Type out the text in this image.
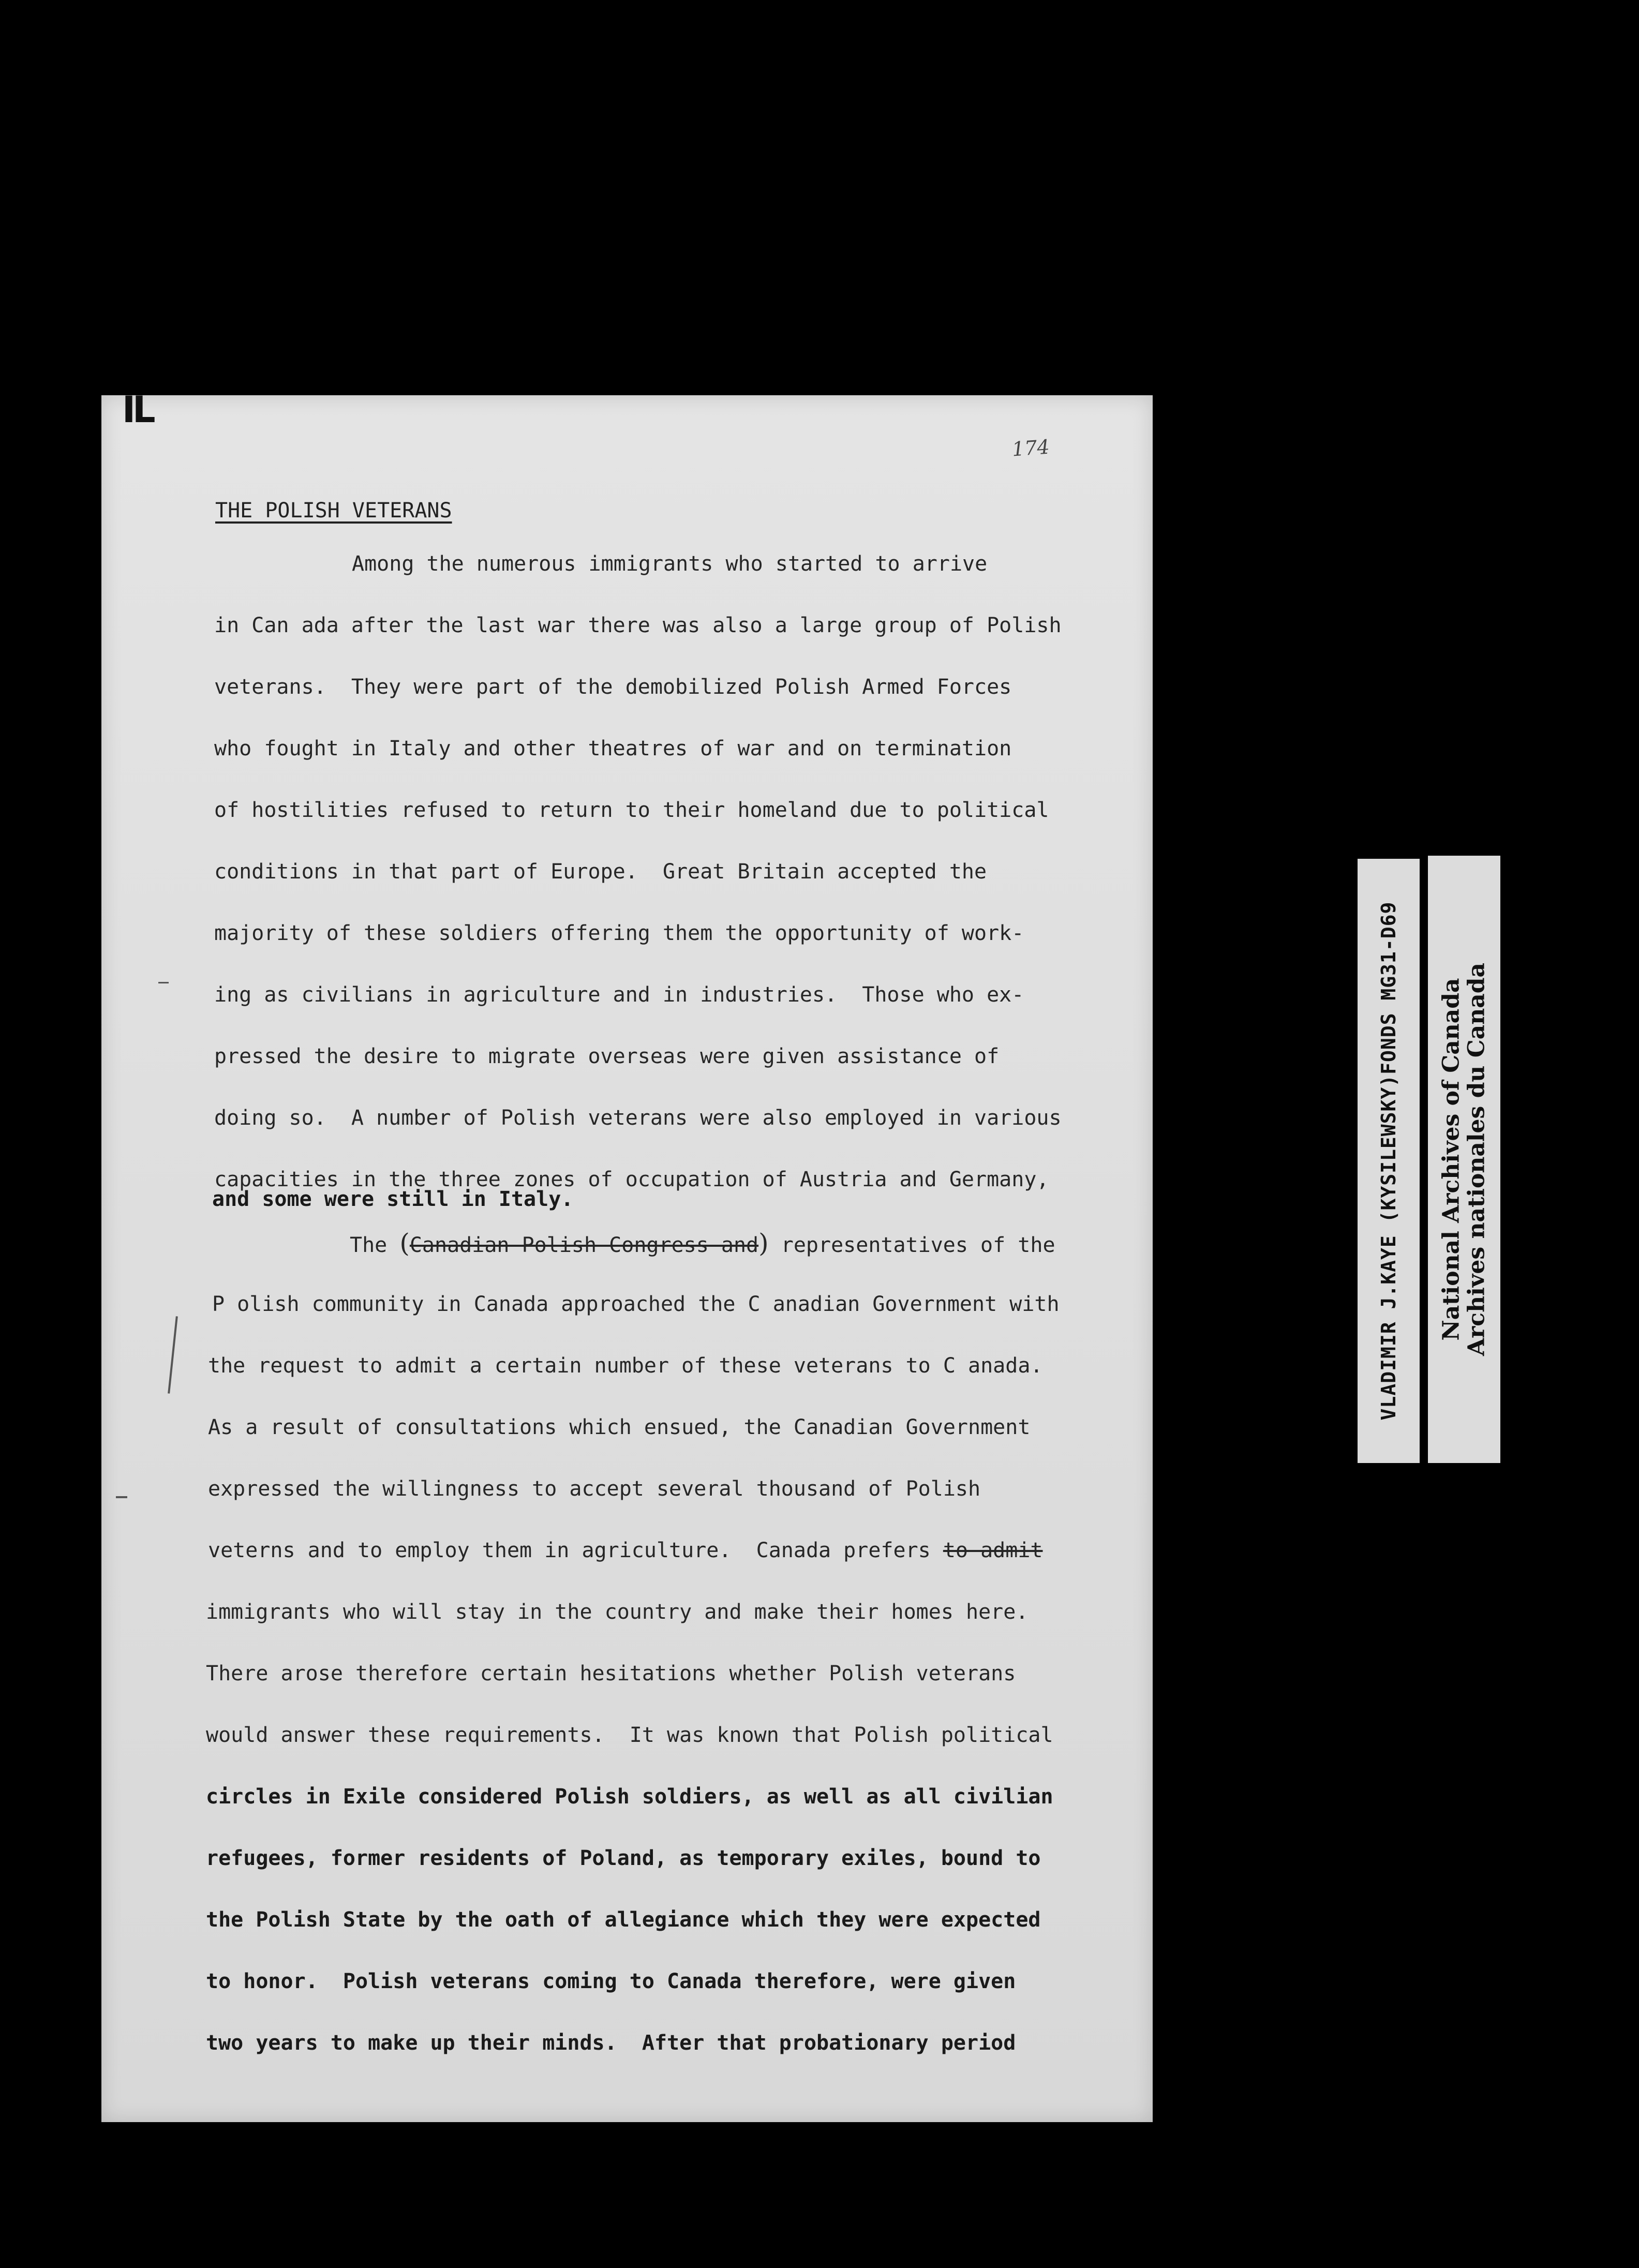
IL
174
THE POLISH VETERANS
Among the numerous immigrants who started to arrive
in Can ada after the last war there was also a large group of Polish
veterans.  They were part of the demobilized Polish Armed Forces
who fought in Italy and other theatres of war and on termination
of hostilities refused to return to their homeland due to political
conditions in that part of Europe.  Great Britain accepted the
majority of these soldiers offering them the opportunity of work-
ing as civilians in agriculture and in industries.  Those who ex-
pressed the desire to migrate overseas were given assistance of
doing so.  A number of Polish veterans were also employed in various
capacities in the three zones of occupation of Austria and Germany,
and some were still in Italy.
The (Canadian Polish Congress and) representatives of the
P olish community in Canada approached the C anadian Government with
the request to admit a certain number of these veterans to C anada.
As a result of consultations which ensued, the Canadian Government
expressed the willingness to accept several thousand of Polish
veterns and to employ them in agriculture.  Canada prefers to admit
immigrants who will stay in the country and make their homes here.
There arose therefore certain hesitations whether Polish veterans
would answer these requirements.  It was known that Polish political
circles in Exile considered Polish soldiers, as well as all civilian
refugees, former residents of Poland, as temporary exiles, bound to
the Polish State by the oath of allegiance which they were expected
to honor.  Polish veterans coming to Canada therefore, were given
two years to make up their minds.  After that probationary period
VLADIMIR J.KAYE (KYSILEWSKY)FONDS MG31-D69 National Archives of Canada
Archives nationales du Canada
